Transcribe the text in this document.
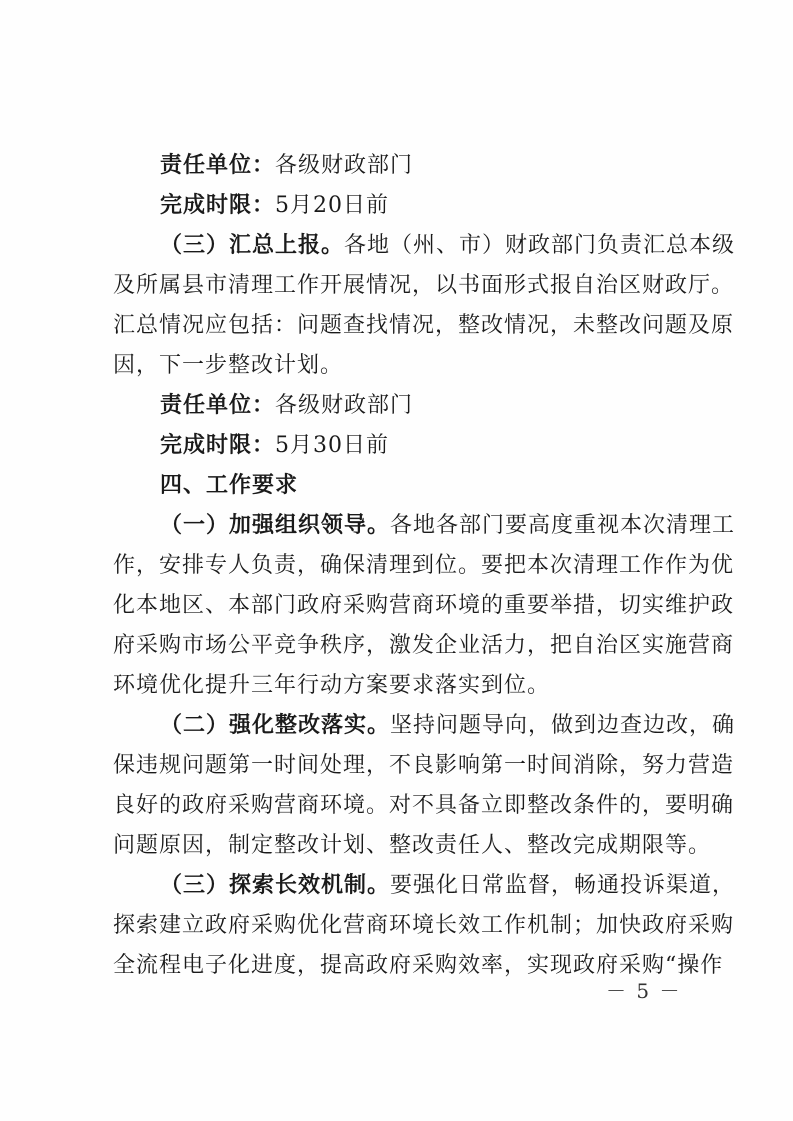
责任单位：各级财政部门
完成时限：5月20日前
（三）汇总上报。各地（州、市）财政部门负责汇总本级
及所属县市清理工作开展情况，以书面形式报自治区财政厅。
汇总情况应包括：问题查找情况，整改情况，未整改问题及原
因，下一步整改计划。
责任单位：各级财政部门
完成时限：5月30日前
四、工作要求
（一）加强组织领导。各地各部门要高度重视本次清理工
作，安排专人负责，确保清理到位。要把本次清理工作作为优
化本地区、本部门政府采购营商环境的重要举措，切实维护政
府采购市场公平竞争秩序，激发企业活力，把自治区实施营商
环境优化提升三年行动方案要求落实到位。
（二）强化整改落实。坚持问题导向，做到边查边改，确
保违规问题第一时间处理，不良影响第一时间消除，努力营造
良好的政府采购营商环境。对不具备立即整改条件的，要明确
问题原因，制定整改计划、整改责任人、整改完成期限等。
（三）探索长效机制。要强化日常监督，畅通投诉渠道，
探索建立政府采购优化营商环境长效工作机制；加快政府采购
全流程电子化进度，提高政府采购效率，实现政府采购“操作
－ 5 －
